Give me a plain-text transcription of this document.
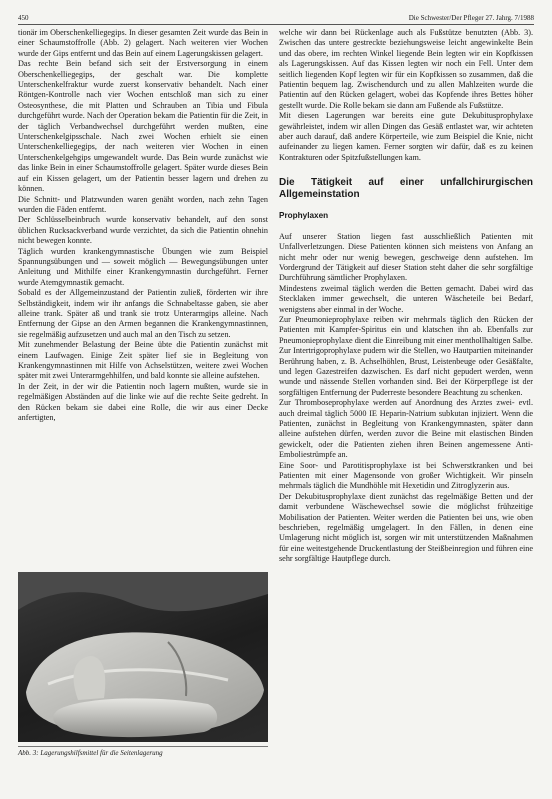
450	Die Schwester/Der Pfleger 27. Jahrg. 7/1988

tionär im Oberschenkelliegegips. In dieser gesamten Zeit wurde das Bein in einer Schaumstoffrolle (Abb. 2) gelagert. Nach weiteren vier Wochen wurde der Gips entfernt und das Bein auf einem Lagerungskissen gelagert.

Das rechte Bein befand sich seit der Erstversorgung in einem Oberschenkelliegegips, der geschalt war. Die komplette Unterschenkelfraktur wurde zuerst konservativ behandelt. Nach einer Röntgen-Kontrolle nach vier Wochen entschloß man sich zu einer Osteosynthese, die mit Platten und Schrauben an Tibia und Fibula durchgeführt wurde. Nach der Operation bekam die Patientin für die Zeit, in der täglich Verbandwechsel durchgeführt werden mußten, eine Unterschenkelgipsschale. Nach zwei Wochen erhielt sie einen Unterschenkelliegegips, der nach weiteren vier Wochen in einen Unterschenkelgehgips umgewandelt wurde. Das Bein wurde zunächst wie das linke Bein in einer Schaumstoffrolle gelagert. Später wurde dieses Bein auf ein Kissen gelagert, um der Patientin besser lagern und drehen zu können.

Die Schnitt- und Platzwunden waren genäht worden, nach zehn Tagen wurden die Fäden entfernt.

Der Schlüsselbeinbruch wurde konservativ behandelt, auf den sonst üblichen Rucksackverband wurde verzichtet, da sich die Patientin ohnehin nicht bewegen konnte.

Täglich wurden krankengymnastische Übungen wie zum Beispiel Spannungsübungen und — soweit möglich — Bewegungsübungen unter Anleitung und Mithilfe einer Krankengymnastin durchgeführt. Ferner wurde Atemgymnastik gemacht.

Sobald es der Allgemeinzustand der Patientin zuließ, förderten wir ihre Selbständigkeit, indem wir ihr anfangs die Schnabeltasse gaben, sie aber alleine trank. Später aß und trank sie trotz Unterarmgips alleine. Nach Entfernung der Gipse an den Armen begannen die Krankengymnastinnen, sie regelmäßig aufzusetzen und auch mal an den Tisch zu setzen.

Mit zunehmender Belastung der Beine übte die Patientin zunächst mit einem Laufwagen. Einige Zeit später lief sie in Begleitung von Krankengymnastinnen mit Hilfe von Achselstützen, weitere zwei Wochen später mit zwei Unterarmgehhilfen, und bald konnte sie alleine aufstehen.

In der Zeit, in der wir die Patientin noch lagern mußten, wurde sie in regelmäßigen Abständen auf die linke wie auf die rechte Seite gedreht. In den Rücken bekam sie dabei eine Rolle, die wir aus einer Decke anfertigten,

Abb. 3: Lagerungshilfsmittel für die Seitenlagerung

welche wir dann bei Rückenlage auch als Fußstütze benutzten (Abb. 3). Zwischen das untere gestreckte beziehungsweise leicht angewinkelte Bein und das obere, im rechten Winkel liegende Bein legten wir ein Kopfkissen als Lagerungskissen. Auf das Kissen legten wir noch ein Fell. Unter dem seitlich liegenden Kopf legten wir für ein Kopfkissen so zusammen, daß die Patientin bequem lag. Zwischendurch und zu allen Mahlzeiten wurde die Patientin auf den Rücken gelagert, wobei das Kopfende ihres Bettes höher gestellt wurde. Die Rolle bekam sie dann am Fußende als Fußstütze.

Mit diesen Lagerungen war bereits eine gute Dekubitusprophylaxe gewährleistet, indem wir allen Dingen das Gesäß entlastet war, wir achteten aber auch darauf, daß andere Körperteile, wie zum Beispiel die Knie, nicht aufeinander zu liegen kamen. Ferner sorgten wir dafür, daß es zu keinen Kontrakturen oder Spitzfußstellungen kam.

Die Tätigkeit auf einer unfallchirurgischen Allgemeinstation
Prophylaxen

Auf unserer Station liegen fast ausschließlich Patienten mit Unfallverletzungen. Diese Patienten können sich meistens von Anfang an nicht mehr oder nur wenig bewegen, geschweige denn aufstehen. Im Vordergrund der Tätigkeit auf dieser Station steht daher die sehr sorgfältige Durchführung sämtlicher Prophylaxen.

Mindestens zweimal täglich werden die Betten gemacht. Dabei wird das Stecklaken immer gewechselt, die unteren Wäscheteile bei Bedarf, wenigstens aber einmal in der Woche.

Zur Pneumonieprophylaxe reiben wir mehrmals täglich den Rücken der Patienten mit Kampfer-Spiritus ein und klatschen ihn ab. Ebenfalls zur Pneumonieprophylaxe dient die Einreibung mit einer menthollhaltigen Salbe.

Zur Intertrigoprophylaxe pudern wir die Stellen, wo Hautpartien miteinander Berührung haben, z. B. Achselhöhlen, Brust, Leistenbeuge oder Gesäßfalte, und legen Gazestreifen dazwischen. Es darf nicht gepudert werden, wenn wunde und nässende Stellen vorhanden sind. Bei der Körperpflege ist der sorgfältigen Entfernung der Puderreste besondere Beachtung zu schenken.

Zur Thromboseprophylaxe werden auf Anordnung des Arztes zwei- evtl. auch dreimal täglich 5000 IE Heparin-Natrium subkutan injiziert. Wenn die Patienten, zunächst in Begleitung von Krankengymnasten, später dann alleine aufstehen dürfen, werden zuvor die Beine mit elastischen Binden gewickelt, oder die Patienten ziehen ihren Beinen angemessene Anti-Emboliestrümpfe an.

Eine Soor- und Parotitisprophylaxe ist bei Schwerstkranken und bei Patienten mit einer Magensonde von großer Wichtigkeit. Wir pinseln mehrmals täglich die Mundhöhle mit Hexetidin und Zitroglyzerin aus.

Der Dekubitusprophylaxe dient zunächst das regelmäßige Betten und der damit verbundene Wäschewechsel sowie die möglichst frühzeitige Mobilisation der Patienten. Weiter werden die Patienten bei uns, wie oben beschrieben, regelmäßig umgelagert. In den Fällen, in denen eine Umlagerung nicht möglich ist, sorgen wir mit unterstützenden Maßnahmen für eine weitestgehende Druckentlastung der Steißbeinregion und führen eine sehr sorgfältige Hautpflege durch.
